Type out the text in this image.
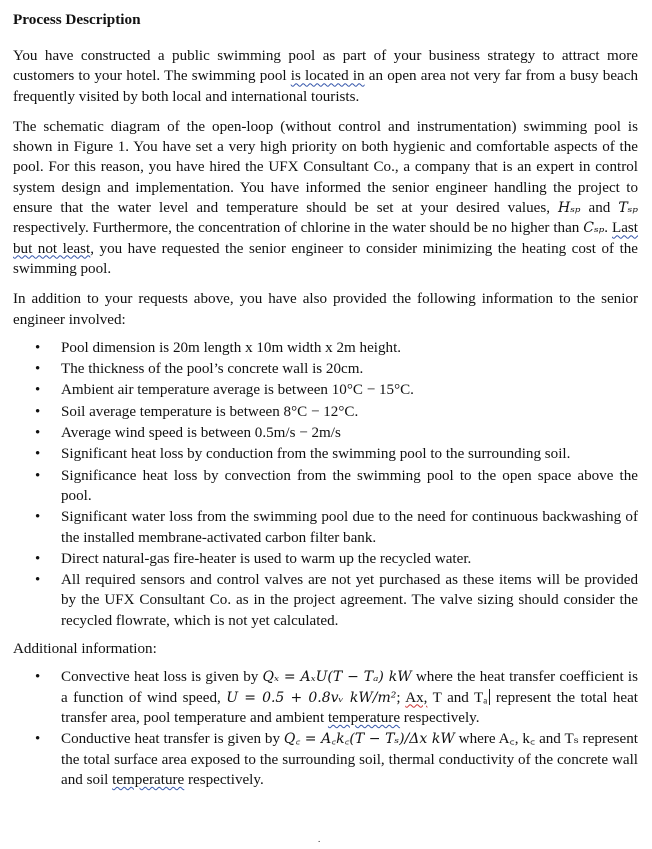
Process Description

You have constructed a public swimming pool as part of your business strategy to attract more customers to your hotel. The swimming pool is located in an open area not very far from a busy beach frequently visited by both local and international tourists.

The schematic diagram of the open-loop (without control and instrumentation) swimming pool is shown in Figure 1. You have set a very high priority on both hygienic and comfortable aspects of the pool. For this reason, you have hired the UFX Consultant Co., a company that is an expert in control system design and implementation. You have informed the senior engineer handling the project to ensure that the water level and temperature should be set at your desired values, Hₛₚ and Tₛₚ respectively. Furthermore, the concentration of chlorine in the water should be no higher than Cₛₚ. Last but not least, you have requested the senior engineer to consider minimizing the heating cost of the swimming pool.

In addition to your requests above, you have also provided the following information to the senior engineer involved:

• Pool dimension is 20m length x 10m width x 2m height.
• The thickness of the pool’s concrete wall is 20cm.
• Ambient air temperature average is between 10°C − 15°C.
• Soil average temperature is between 8°C − 12°C.
• Average wind speed is between 0.5m/s − 2m/s
• Significant heat loss by conduction from the swimming pool to the surrounding soil.
• Significance heat loss by convection from the swimming pool to the open space above the pool.
• Significant water loss from the swimming pool due to the need for continuous backwashing of the installed membrane-activated carbon filter bank.
• Direct natural-gas fire-heater is used to warm up the recycled water.
• All required sensors and control valves are not yet purchased as these items will be provided by the UFX Consultant Co. as in the project agreement. The valve sizing should consider the recycled flowrate, which is not yet calculated.

Additional information:

• Convective heat loss is given by Qₓ = AₓU(T − Tₐ) kW where the heat transfer coefficient is a function of wind speed, U = 0.5 + 0.8vᵥ kW/m²; Ax, T and Tₐ represent the total heat transfer area, pool temperature and ambient temperature respectively.
• Conductive heat transfer is given by Q꜀ = A꜀k꜀(T − Tₛ)/Δx kW where A꜀, k꜀ and Tₛ represent the total surface area exposed to the surrounding soil, thermal conductivity of the concrete wall and soil temperature respectively.
.
